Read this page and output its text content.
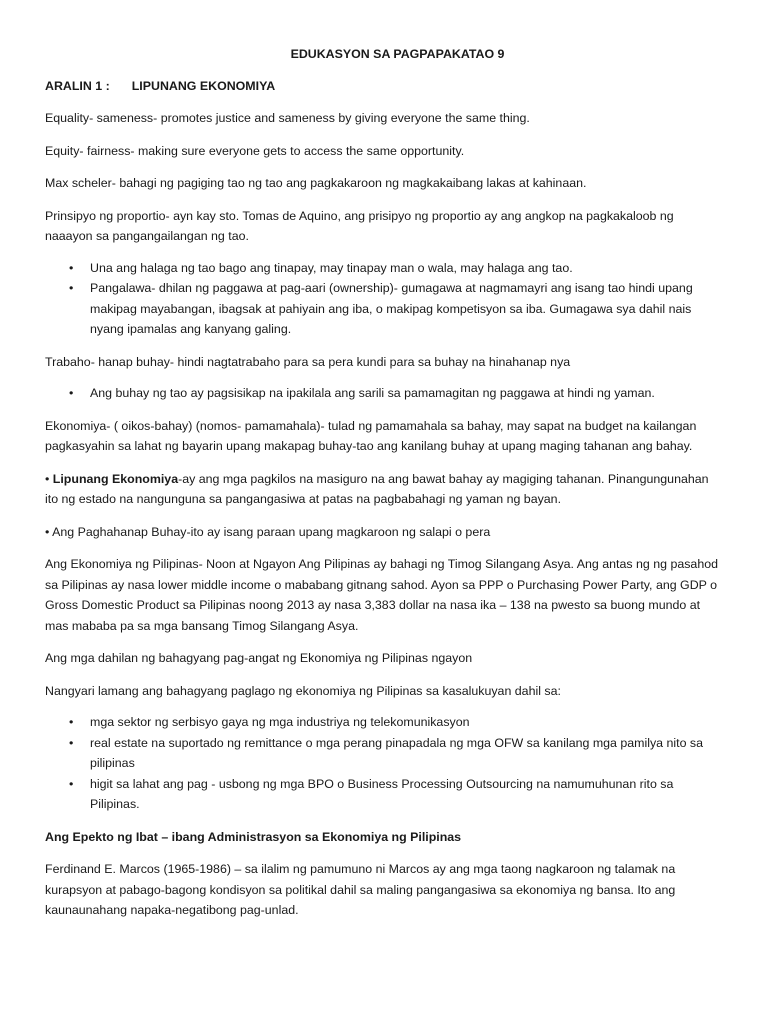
EDUKASYON SA PAGPAPAKATAO 9
ARALIN 1 : LIPUNANG EKONOMIYA

Equality- sameness- promotes justice and sameness by giving everyone the same thing.

Equity- fairness- making sure everyone gets to access the same opportunity.

Max scheler- bahagi ng pagiging tao ng tao ang pagkakaroon ng magkakaibang lakas at kahinaan.

Prinsipyo ng proportio- ayn kay sto. Tomas de Aquino, ang prisipyo ng proportio ay ang angkop na pagkakaloob ng naaayon sa pangangailangan ng tao.

• Una ang halaga ng tao bago ang tinapay, may tinapay man o wala, may halaga ang tao.
• Pangalawa- dhilan ng paggawa at pag-aari (ownership)- gumagawa at nagmamayri ang isang tao hindi upang makipag mayabangan, ibagsak at pahiyain ang iba, o makipag kompetisyon sa iba. Gumagawa sya dahil nais nyang ipamalas ang kanyang galing.

Trabaho- hanap buhay- hindi nagtatrabaho para sa pera kundi para sa buhay na hinahanap nya

• Ang buhay ng tao ay pagsisikap na ipakilala ang sarili sa pamamagitan ng paggawa at hindi ng yaman.

Ekonomiya- ( oikos-bahay) (nomos- pamamahala)- tulad ng pamamahala sa bahay, may sapat na budget na kailangan pagkasyahin sa lahat ng bayarin upang makapag buhay-tao ang kanilang buhay at upang maging tahanan ang bahay.

• Lipunang Ekonomiya-ay ang mga pagkilos na masiguro na ang bawat bahay ay magiging tahanan. Pinangungunahan ito ng estado na nangunguna sa pangangasiwa at patas na pagbabahagi ng yaman ng bayan.

• Ang Paghahanap Buhay-ito ay isang paraan upang magkaroon ng salapi o pera

Ang Ekonomiya ng Pilipinas- Noon at Ngayon Ang Pilipinas ay bahagi ng Timog Silangang Asya. Ang antas ng ng pasahod sa Pilipinas ay nasa lower middle income o mababang gitnang sahod. Ayon sa PPP o Purchasing Power Party, ang GDP o Gross Domestic Product sa Pilipinas noong 2013 ay nasa 3,383 dollar na nasa ika – 138 na pwesto sa buong mundo at mas mababa pa sa mga bansang Timog Silangang Asya.

Ang mga dahilan ng bahagyang pag-angat ng Ekonomiya ng Pilipinas ngayon

Nangyari lamang ang bahagyang paglago ng ekonomiya ng Pilipinas sa kasalukuyan dahil sa:

• mga sektor ng serbisyo gaya ng mga industriya ng telekomunikasyon
• real estate na suportado ng remittance o mga perang pinapadala ng mga OFW sa kanilang mga pamilya nito sa pilipinas
• higit sa lahat ang pag - usbong ng mga BPO o Business Processing Outsourcing na namumuhunan rito sa Pilipinas.

Ang Epekto ng Ibat – ibang Administrasyon sa Ekonomiya ng Pilipinas

Ferdinand E. Marcos (1965-1986) – sa ilalim ng pamumuno ni Marcos ay ang mga taong nagkaroon ng talamak na kurapsyon at pabago-bagong kondisyon sa politikal dahil sa maling pangangasiwa sa ekonomiya ng bansa. Ito ang kaunaunahang napaka-negatibong pag-unlad.
